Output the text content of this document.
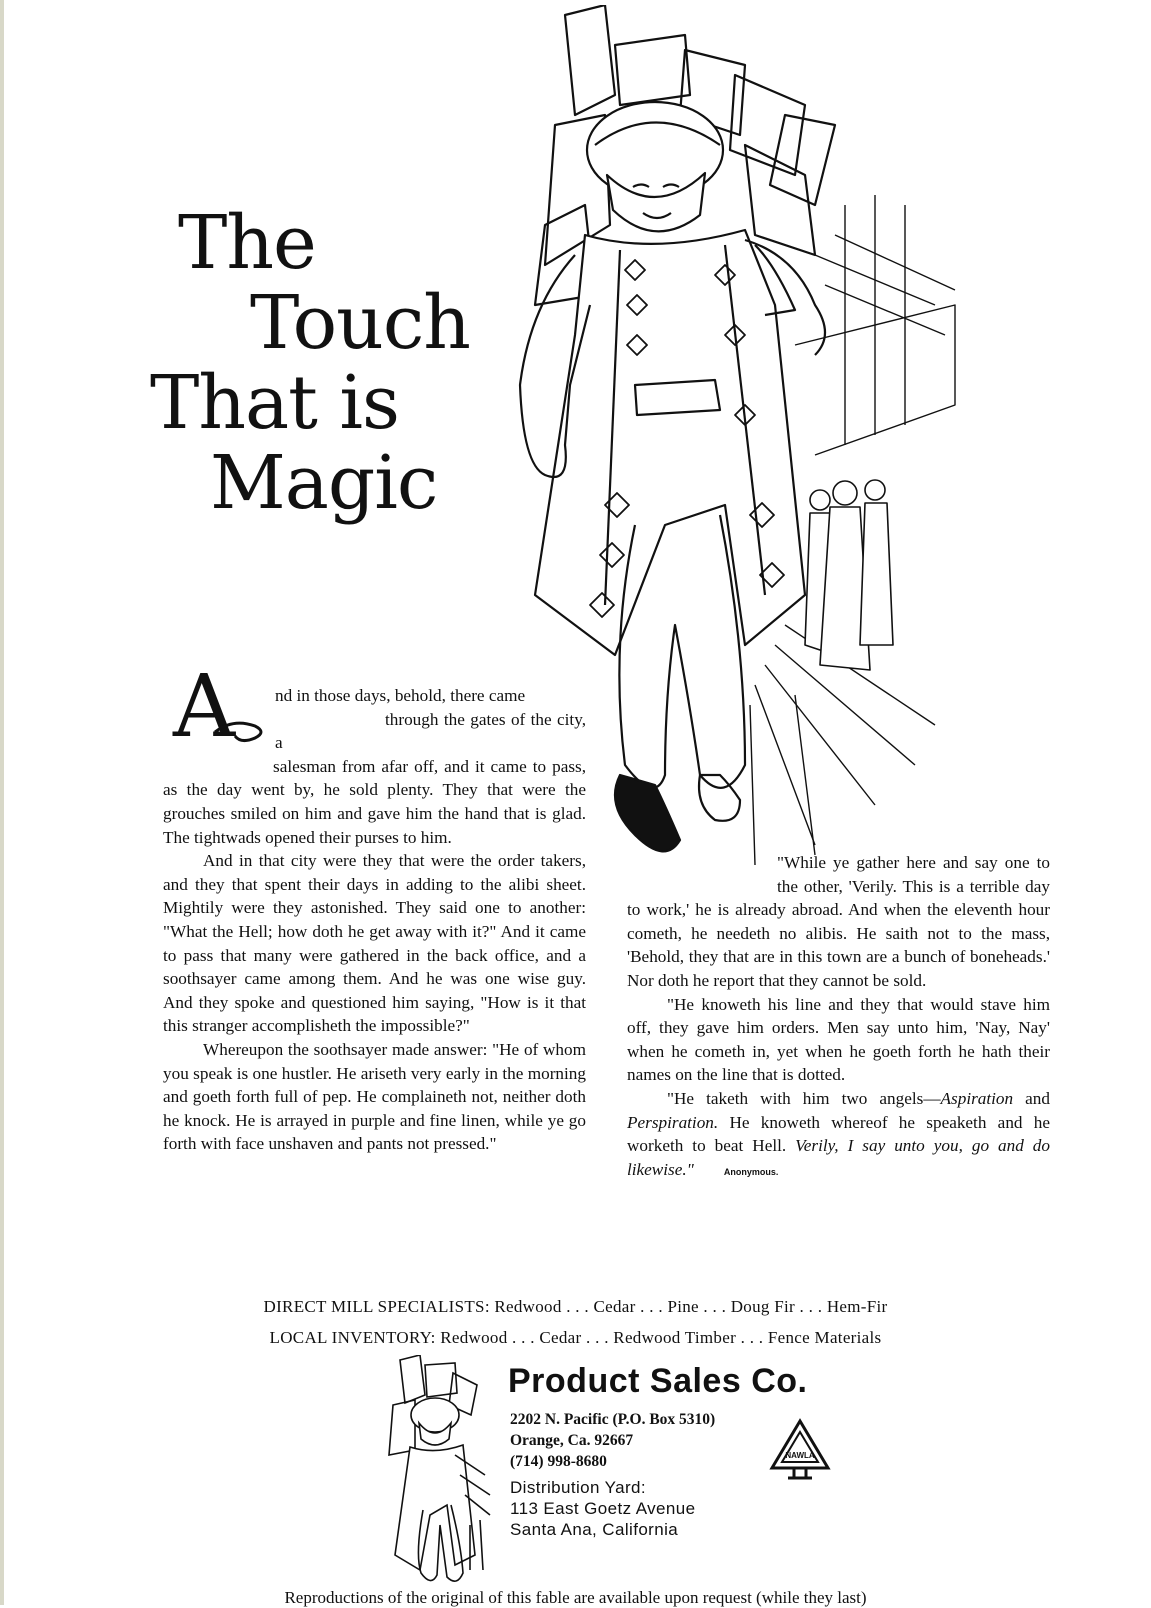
The
Touch
That is
Magic
A	nd in those days, behold, there came
through the gates of the city, a
salesman from afar off, and it came to pass, as the day went by, he sold plenty. They that were the grouches smiled on him and gave him the hand that is glad. The tightwads opened their purses to him.

And in that city were they that were the order takers, and they that spent their days in adding to the alibi sheet. Mightily were they astonished. They said one to another: "What the Hell; how doth he get away with it?" And it came to pass that many were gathered in the back office, and a soothsayer came among them. And he was one wise guy. And they spoke and questioned him saying, "How is it that this stranger accomplisheth the impossible?"

Whereupon the soothsayer made answer: "He of whom you speak is one hustler. He ariseth very early in the morning and goeth forth full of pep. He complaineth not, neither doth he knock. He is arrayed in purple and fine linen, while ye go forth with face unshaven and pants not pressed."

"While ye gather here and say one to the other, 'Verily. This is a terrible day to work,' he is already abroad. And when the eleventh hour cometh, he needeth no alibis. He saith not to the mass, 'Behold, they that are in this town are a bunch of boneheads.' Nor doth he report that they cannot be sold.

"He knoweth his line and they that would stave him off, they gave him orders. Men say unto him, 'Nay, Nay' when he cometh in, yet when he goeth forth he hath their names on the line that is dotted.

"He taketh with him two angels—Aspiration and Perspiration. He knoweth whereof he speaketh and he worketh to beat Hell. Verily, I say unto you, go and do likewise."	Anonymous.

DIRECT MILL SPECIALISTS: Redwood . . . Cedar . . . Pine . . . Doug Fir . . . Hem-Fir
LOCAL INVENTORY: Redwood . . . Cedar . . . Redwood Timber . . . Fence Materials
Product Sales Co.
2202 N. Pacific (P.O. Box 5310)
Orange, Ca. 92667
(714) 998-8680
Distribution Yard:
113 East Goetz Avenue
Santa Ana, California
NAWLA
Reproductions of the original of this fable are available upon request (while they last)
